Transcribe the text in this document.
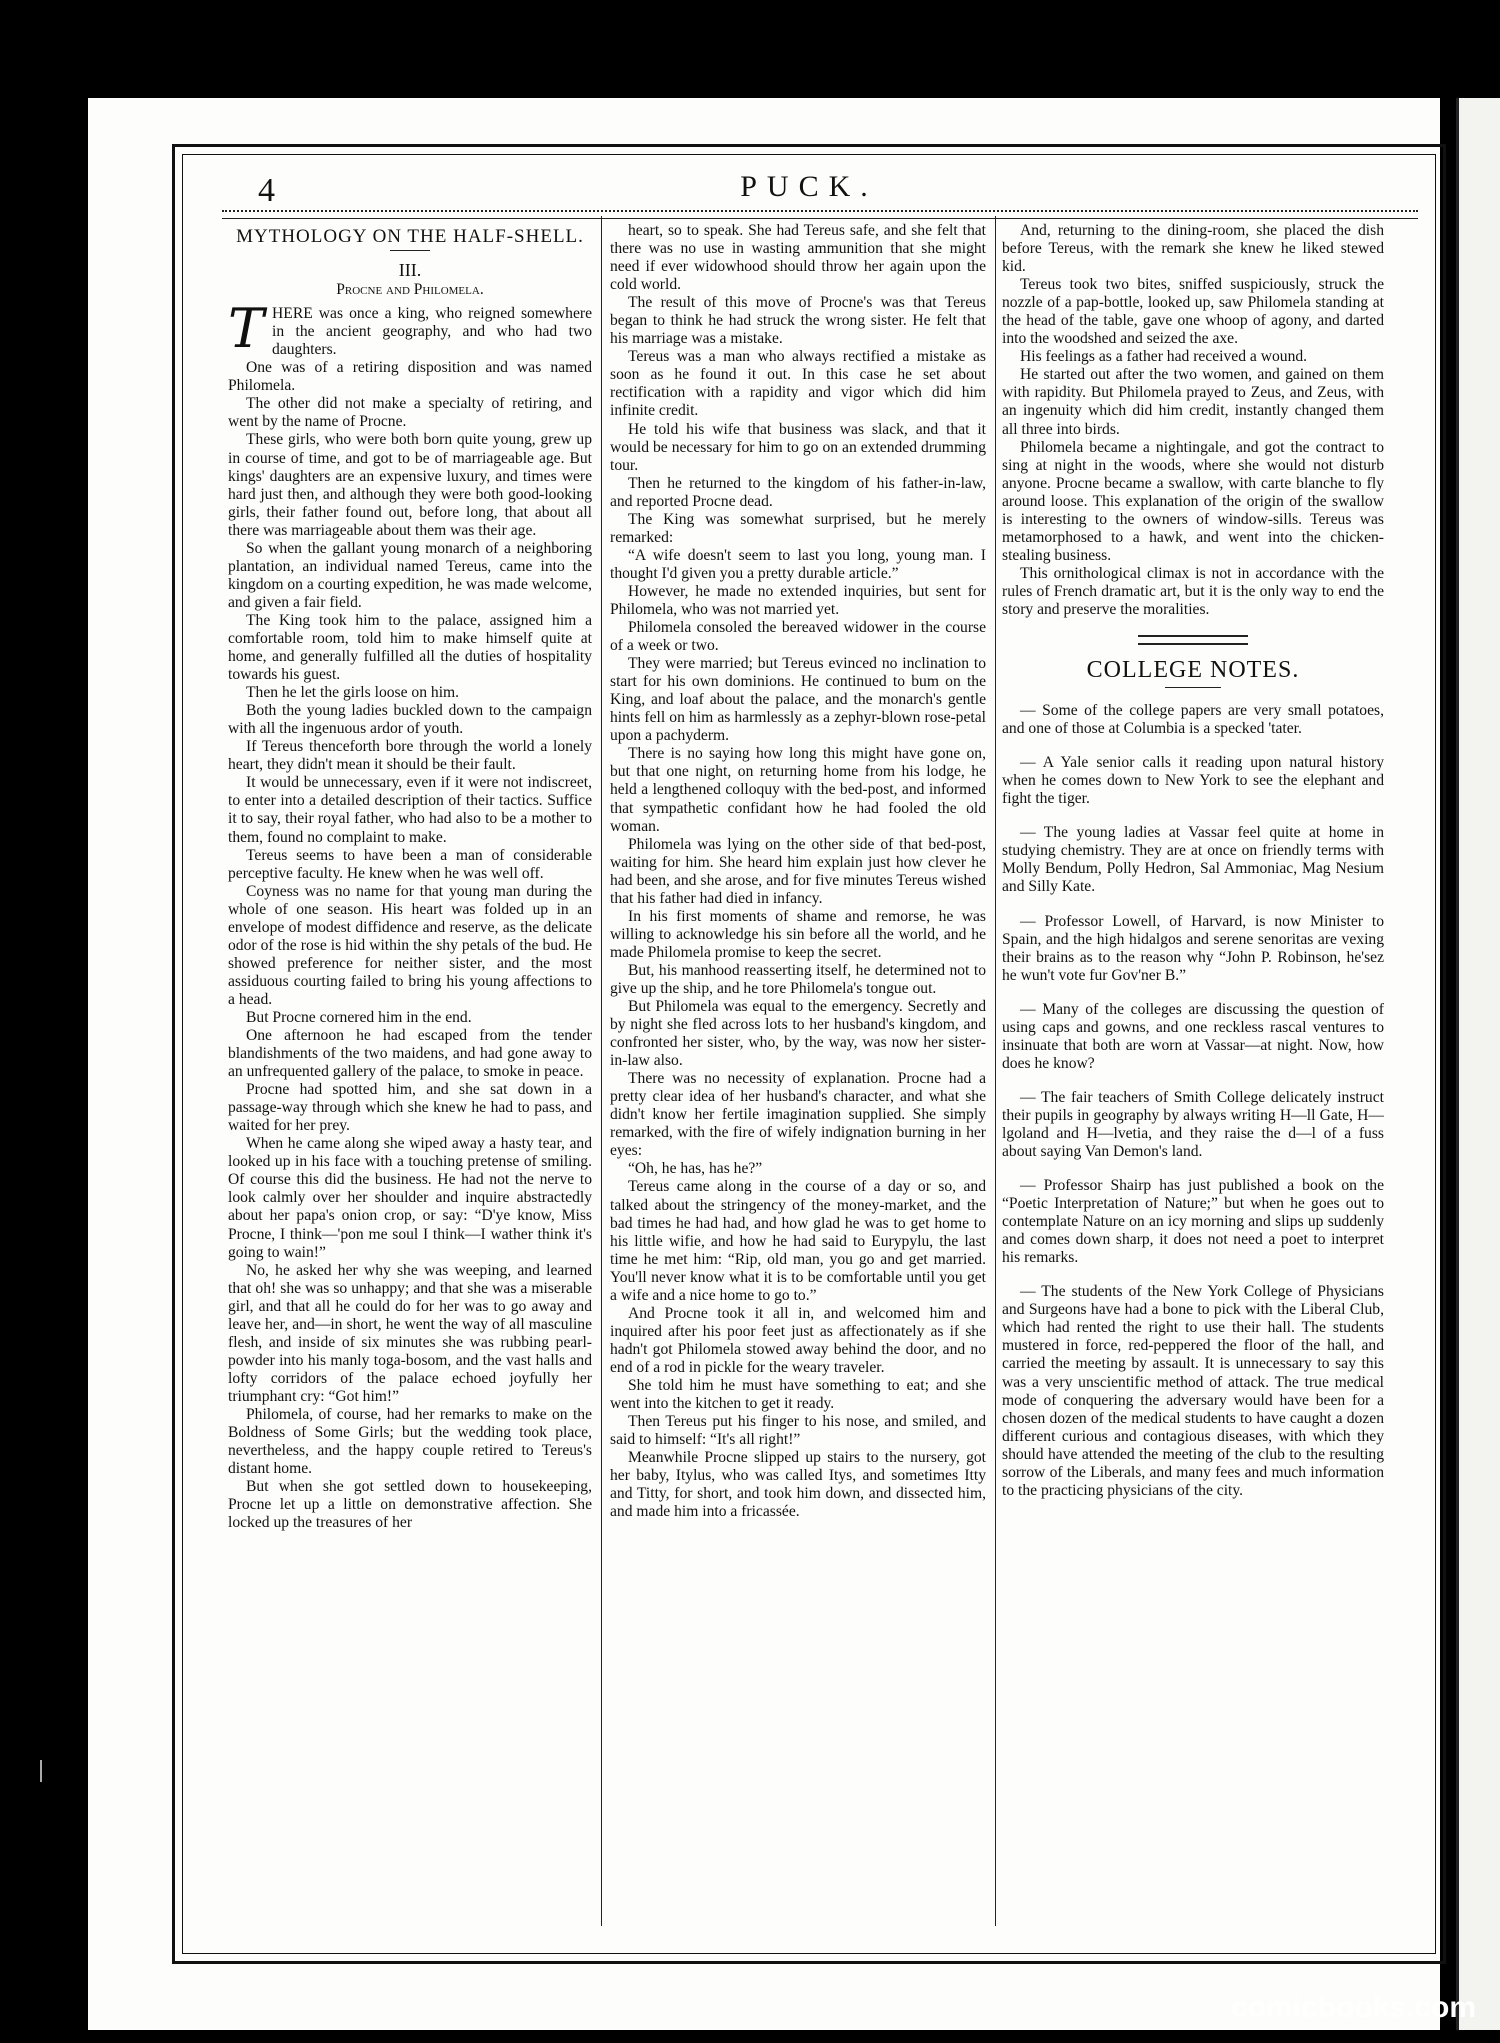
4	PUCK.
MYTHOLOGY ON THE HALF-SHELL.
III.
Procne and Philomela.

THERE was once a king, who reigned somewhere in the ancient geography, and who had two daughters.

One was of a retiring disposition and was named Philomela.

The other did not make a specialty of retiring, and went by the name of Procne.

These girls, who were both born quite young, grew up in course of time, and got to be of marriageable age. But kings' daughters are an expensive luxury, and times were hard just then, and although they were both good-looking girls, their father found out, before long, that about all there was marriageable about them was their age.

So when the gallant young monarch of a neighboring plantation, an individual named Tereus, came into the kingdom on a courting expedition, he was made welcome, and given a fair field.

The King took him to the palace, assigned him a comfortable room, told him to make himself quite at home, and generally fulfilled all the duties of hospitality towards his guest.

Then he let the girls loose on him.

Both the young ladies buckled down to the campaign with all the ingenuous ardor of youth.

If Tereus thenceforth bore through the world a lonely heart, they didn't mean it should be their fault.

It would be unnecessary, even if it were not indiscreet, to enter into a detailed description of their tactics. Suffice it to say, their royal father, who had also to be a mother to them, found no complaint to make.

Tereus seems to have been a man of considerable perceptive faculty. He knew when he was well off.

Coyness was no name for that young man during the whole of one season. His heart was folded up in an envelope of modest diffidence and reserve, as the delicate odor of the rose is hid within the shy petals of the bud. He showed preference for neither sister, and the most assiduous courting failed to bring his young affections to a head.

But Procne cornered him in the end.

One afternoon he had escaped from the tender blandishments of the two maidens, and had gone away to an unfrequented gallery of the palace, to smoke in peace.

Procne had spotted him, and she sat down in a passage-way through which she knew he had to pass, and waited for her prey.

When he came along she wiped away a hasty tear, and looked up in his face with a touching pretense of smiling. Of course this did the business. He had not the nerve to look calmly over her shoulder and inquire abstractedly about her papa's onion crop, or say: “D'ye know, Miss Procne, I think—'pon me soul I think—I wather think it's going to wain!”

No, he asked her why she was weeping, and learned that oh! she was so unhappy; and that she was a miserable girl, and that all he could do for her was to go away and leave her, and—in short, he went the way of all masculine flesh, and inside of six minutes she was rubbing pearl-powder into his manly toga-bosom, and the vast halls and lofty corridors of the palace echoed joyfully her triumphant cry: “Got him!”

Philomela, of course, had her remarks to make on the Boldness of Some Girls; but the wedding took place, nevertheless, and the happy couple retired to Tereus's distant home.

But when she got settled down to housekeeping, Procne let up a little on demonstrative affection. She locked up the treasures of her

heart, so to speak. She had Tereus safe, and she felt that there was no use in wasting ammunition that she might need if ever widowhood should throw her again upon the cold world.

The result of this move of Procne's was that Tereus began to think he had struck the wrong sister. He felt that his marriage was a mistake.

Tereus was a man who always rectified a mistake as soon as he found it out. In this case he set about rectification with a rapidity and vigor which did him infinite credit.

He told his wife that business was slack, and that it would be necessary for him to go on an extended drumming tour.

Then he returned to the kingdom of his father-in-law, and reported Procne dead.

The King was somewhat surprised, but he merely remarked:

“A wife doesn't seem to last you long, young man. I thought I'd given you a pretty durable article.”

However, he made no extended inquiries, but sent for Philomela, who was not married yet.

Philomela consoled the bereaved widower in the course of a week or two.

They were married; but Tereus evinced no inclination to start for his own dominions. He continued to bum on the King, and loaf about the palace, and the monarch's gentle hints fell on him as harmlessly as a zephyr-blown rose-petal upon a pachyderm.

There is no saying how long this might have gone on, but that one night, on returning home from his lodge, he held a lengthened colloquy with the bed-post, and informed that sympathetic confidant how he had fooled the old woman.

Philomela was lying on the other side of that bed-post, waiting for him. She heard him explain just how clever he had been, and she arose, and for five minutes Tereus wished that his father had died in infancy.

In his first moments of shame and remorse, he was willing to acknowledge his sin before all the world, and he made Philomela promise to keep the secret.

But, his manhood reasserting itself, he determined not to give up the ship, and he tore Philomela's tongue out.

But Philomela was equal to the emergency. Secretly and by night she fled across lots to her husband's kingdom, and confronted her sister, who, by the way, was now her sister-in-law also.

There was no necessity of explanation. Procne had a pretty clear idea of her husband's character, and what she didn't know her fertile imagination supplied. She simply remarked, with the fire of wifely indignation burning in her eyes:

“Oh, he has, has he?”

Tereus came along in the course of a day or so, and talked about the stringency of the money-market, and the bad times he had had, and how glad he was to get home to his little wifie, and how he had said to Eurypylu, the last time he met him: “Rip, old man, you go and get married. You'll never know what it is to be comfortable until you get a wife and a nice home to go to.”

And Procne took it all in, and welcomed him and inquired after his poor feet just as affectionately as if she hadn't got Philomela stowed away behind the door, and no end of a rod in pickle for the weary traveler.

She told him he must have something to eat; and she went into the kitchen to get it ready.

Then Tereus put his finger to his nose, and smiled, and said to himself: “It's all right!”

Meanwhile Procne slipped up stairs to the nursery, got her baby, Itylus, who was called Itys, and sometimes Itty and Titty, for short, and took him down, and dissected him, and made him into a fricassée.

And, returning to the dining-room, she placed the dish before Tereus, with the remark she knew he liked stewed kid.

Tereus took two bites, sniffed suspiciously, struck the nozzle of a pap-bottle, looked up, saw Philomela standing at the head of the table, gave one whoop of agony, and darted into the woodshed and seized the axe.

His feelings as a father had received a wound.

He started out after the two women, and gained on them with rapidity. But Philomela prayed to Zeus, and Zeus, with an ingenuity which did him credit, instantly changed them all three into birds.

Philomela became a nightingale, and got the contract to sing at night in the woods, where she would not disturb anyone. Procne became a swallow, with carte blanche to fly around loose. This explanation of the origin of the swallow is interesting to the owners of window-sills. Tereus was metamorphosed to a hawk, and went into the chicken-stealing business.

This ornithological climax is not in accordance with the rules of French dramatic art, but it is the only way to end the story and preserve the moralities.

COLLEGE NOTES.

— Some of the college papers are very small potatoes, and one of those at Columbia is a specked 'tater.

— A Yale senior calls it reading upon natural history when he comes down to New York to see the elephant and fight the tiger.

— The young ladies at Vassar feel quite at home in studying chemistry. They are at once on friendly terms with Molly Bendum, Polly Hedron, Sal Ammoniac, Mag Nesium and Silly Kate.

— Professor Lowell, of Harvard, is now Minister to Spain, and the high hidalgos and serene senoritas are vexing their brains as to the reason why “John P. Robinson, he'sez he wun't vote fur Gov'ner B.”

— Many of the colleges are discussing the question of using caps and gowns, and one reckless rascal ventures to insinuate that both are worn at Vassar—at night. Now, how does he know?

— The fair teachers of Smith College delicately instruct their pupils in geography by always writing H—ll Gate, H—lgoland and H—lvetia, and they raise the d—l of a fuss about saying Van Demon's land.

— Professor Shairp has just published a book on the “Poetic Interpretation of Nature;” but when he goes out to contemplate Nature on an icy morning and slips up suddenly and comes down sharp, it does not need a poet to interpret his remarks.

— The students of the New York College of Physicians and Surgeons have had a bone to pick with the Liberal Club, which had rented the right to use their hall. The students mustered in force, red-peppered the floor of the hall, and carried the meeting by assault. It is unnecessary to say this was a very unscientific method of attack. The true medical mode of conquering the adversary would have been for a chosen dozen of the medical students to have caught a dozen different curious and contagious diseases, with which they should have attended the meeting of the club to the resulting sorrow of the Liberals, and many fees and much information to the practicing physicians of the city.

comicbooks.com
